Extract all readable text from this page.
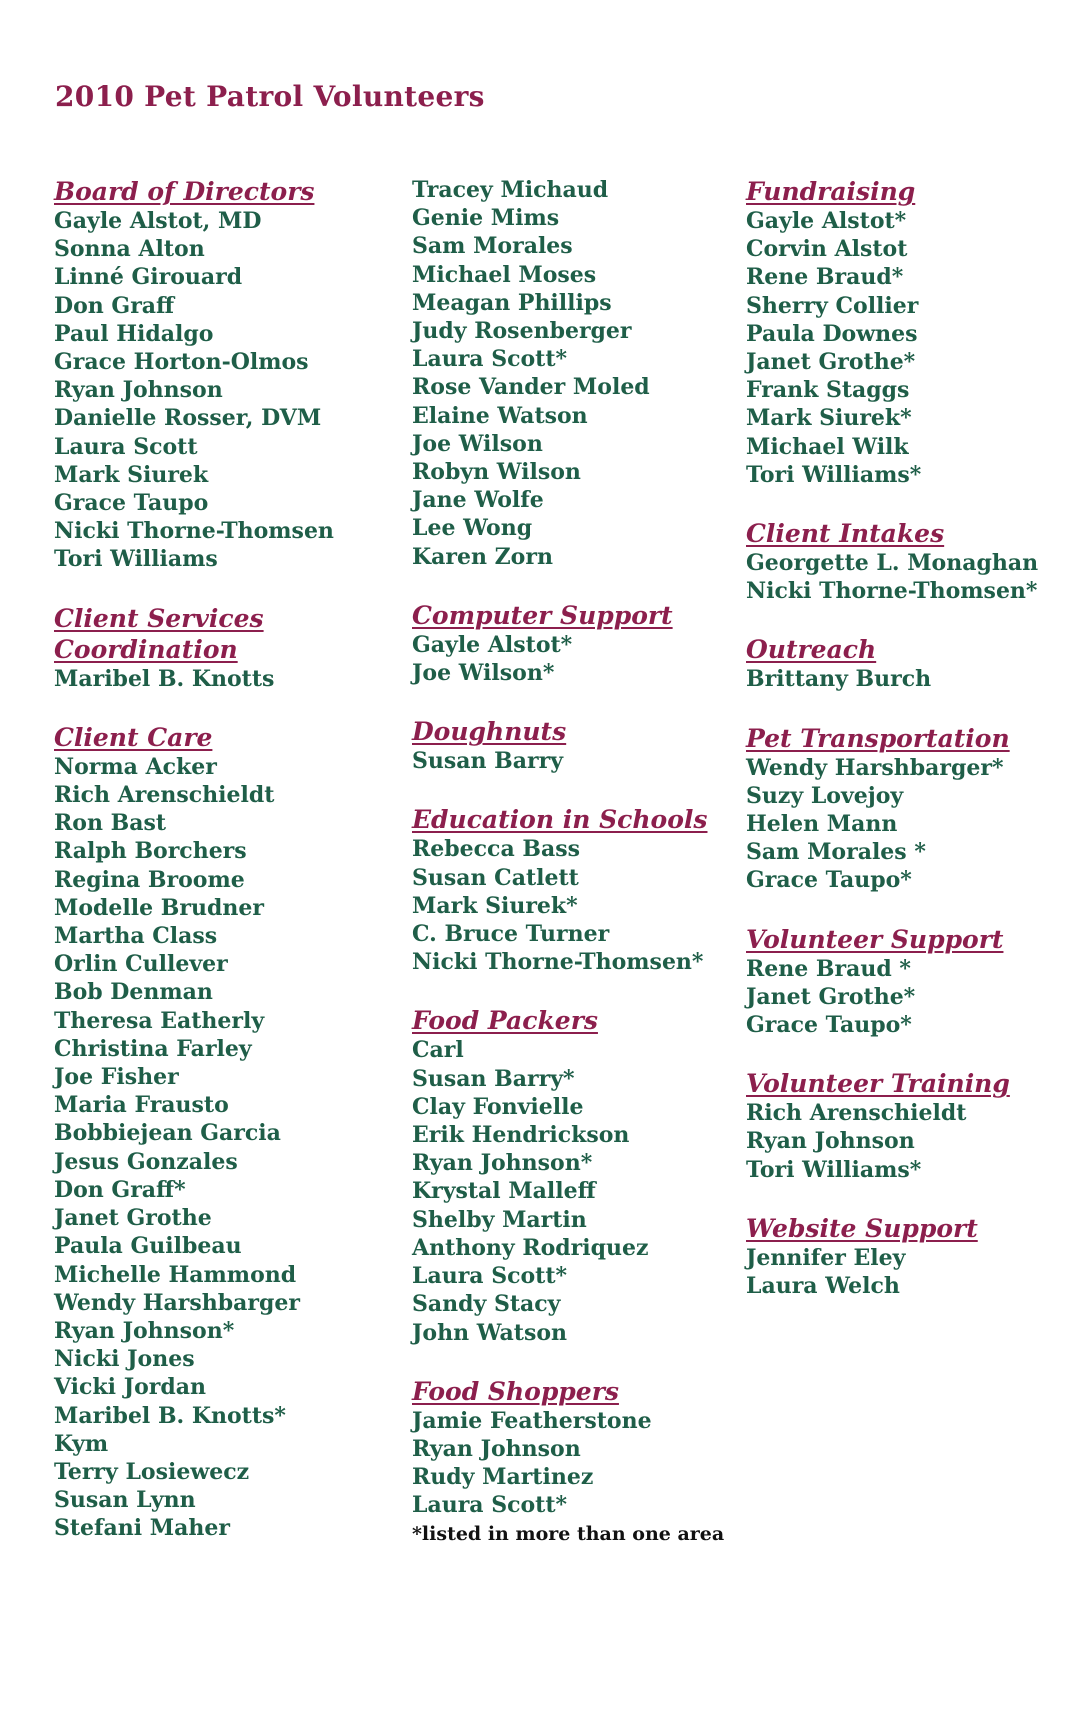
2010 Pet Patrol Volunteers
Board of Directors
Gayle Alstot, MD
Sonna Alton
Linné Girouard
Don Graff
Paul Hidalgo
Grace Horton-Olmos
Ryan Johnson
Danielle Rosser, DVM
Laura Scott
Mark Siurek
Grace Taupo
Nicki Thorne-Thomsen
Tori Williams
Client Services
Coordination
Maribel B. Knotts
Client Care
Norma Acker
Rich Arenschieldt
Ron Bast
Ralph Borchers
Regina Broome
Modelle Brudner
Martha Class
Orlin Cullever
Bob Denman
Theresa Eatherly
Christina Farley
Joe Fisher
Maria Frausto
Bobbiejean Garcia
Jesus Gonzales
Don Graff*
Janet Grothe
Paula Guilbeau
Michelle Hammond
Wendy Harshbarger
Ryan Johnson*
Nicki Jones
Vicki Jordan
Maribel B. Knotts*
Kym
Terry Losiewecz
Susan Lynn
Stefani Maher
Tracey Michaud
Genie Mims
Sam Morales
Michael Moses
Meagan Phillips
Judy Rosenberger
Laura Scott*
Rose Vander Moled
Elaine Watson
Joe Wilson
Robyn Wilson
Jane Wolfe
Lee Wong
Karen Zorn
Computer Support
Gayle Alstot*
Joe Wilson*
Doughnuts
Susan Barry
Education in Schools
Rebecca Bass
Susan Catlett
Mark Siurek*
C. Bruce Turner
Nicki Thorne-Thomsen*
Food Packers
Carl
Susan Barry*
Clay Fonvielle
Erik Hendrickson
Ryan Johnson*
Krystal Malleff
Shelby Martin
Anthony Rodriquez
Laura Scott*
Sandy Stacy
John Watson
Food Shoppers
Jamie Featherstone
Ryan Johnson
Rudy Martinez
Laura Scott*
*listed in more than one area
Fundraising
Gayle Alstot*
Corvin Alstot
Rene Braud*
Sherry Collier
Paula Downes
Janet Grothe*
Frank Staggs
Mark Siurek*
Michael Wilk
Tori Williams*
Client Intakes
Georgette L. Monaghan
Nicki Thorne-Thomsen*
Outreach
Brittany Burch
Pet Transportation
Wendy Harshbarger*
Suzy Lovejoy
Helen Mann
Sam Morales *
Grace Taupo*
Volunteer Support
Rene Braud *
Janet Grothe*
Grace Taupo*
Volunteer Training
Rich Arenschieldt
Ryan Johnson
Tori Williams*
Website Support
Jennifer Eley
Laura Welch
